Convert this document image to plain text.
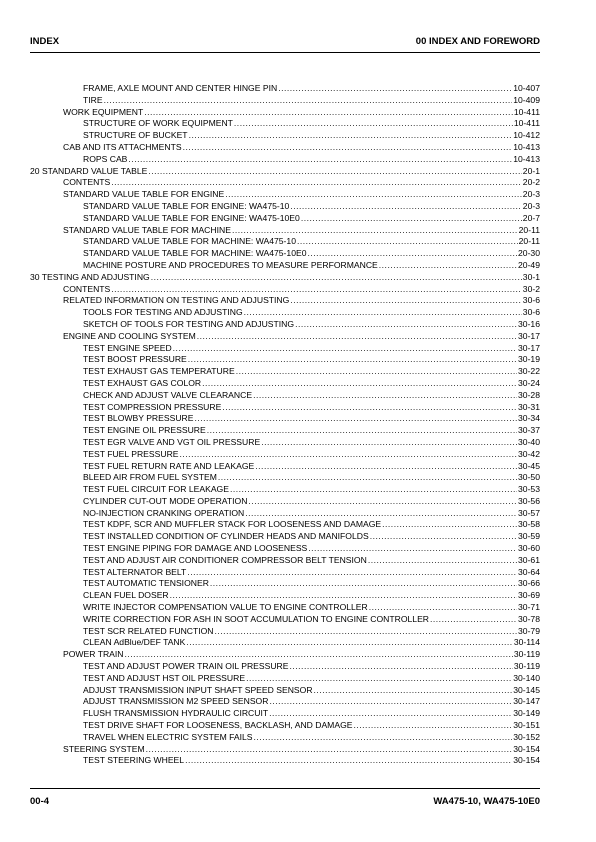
INDEX	00 INDEX AND FOREWORD
FRAME, AXLE MOUNT AND CENTER HINGE PIN .....	10-407
TIRE .....	10-409
WORK EQUIPMENT .....	10-411
STRUCTURE OF WORK EQUIPMENT .....	10-411
STRUCTURE OF BUCKET .....	10-412
CAB AND ITS ATTACHMENTS .....	10-413
ROPS CAB .....	10-413
20 STANDARD VALUE TABLE .....	20-1
CONTENTS .....	20-2
STANDARD VALUE TABLE FOR ENGINE .....	20-3
STANDARD VALUE TABLE FOR ENGINE: WA475-10 .....	20-3
STANDARD VALUE TABLE FOR ENGINE: WA475-10E0 .....	20-7
STANDARD VALUE TABLE FOR MACHINE .....	20-11
STANDARD VALUE TABLE FOR MACHINE: WA475-10 .....	20-11
STANDARD VALUE TABLE FOR MACHINE: WA475-10E0 .....	20-30
MACHINE POSTURE AND PROCEDURES TO MEASURE PERFORMANCE .....	20-49
30 TESTING AND ADJUSTING .....	30-1
CONTENTS .....	30-2
RELATED INFORMATION ON TESTING AND ADJUSTING .....	30-6
TOOLS FOR TESTING AND ADJUSTING .....	30-6
SKETCH OF TOOLS FOR TESTING AND ADJUSTING .....	30-16
ENGINE AND COOLING SYSTEM .....	30-17
TEST ENGINE SPEED .....	30-17
TEST BOOST PRESSURE .....	30-19
TEST EXHAUST GAS TEMPERATURE .....	30-22
TEST EXHAUST GAS COLOR .....	30-24
CHECK AND ADJUST VALVE CLEARANCE .....	30-28
TEST COMPRESSION PRESSURE .....	30-31
TEST BLOWBY PRESSURE .....	30-34
TEST ENGINE OIL PRESSURE .....	30-37
TEST EGR VALVE AND VGT OIL PRESSURE .....	30-40
TEST FUEL PRESSURE .....	30-42
TEST FUEL RETURN RATE AND LEAKAGE .....	30-45
BLEED AIR FROM FUEL SYSTEM .....	30-50
TEST FUEL CIRCUIT FOR LEAKAGE .....	30-53
CYLINDER CUT-OUT MODE OPERATION .....	30-56
NO-INJECTION CRANKING OPERATION .....	30-57
TEST KDPF, SCR AND MUFFLER STACK FOR LOOSENESS AND DAMAGE .....	30-58
TEST INSTALLED CONDITION OF CYLINDER HEADS AND MANIFOLDS .....	30-59
TEST ENGINE PIPING FOR DAMAGE AND LOOSENESS .....	30-60
TEST AND ADJUST AIR CONDITIONER COMPRESSOR BELT TENSION .....	30-61
TEST ALTERNATOR BELT .....	30-64
TEST AUTOMATIC TENSIONER .....	30-66
CLEAN FUEL DOSER .....	30-69
WRITE INJECTOR COMPENSATION VALUE TO ENGINE CONTROLLER .....	30-71
WRITE CORRECTION FOR ASH IN SOOT ACCUMULATION TO ENGINE CONTROLLER .....	30-78
TEST SCR RELATED FUNCTION .....	30-79
CLEAN AdBlue/DEF TANK .....	30-114
POWER TRAIN .....	30-119
TEST AND ADJUST POWER TRAIN OIL PRESSURE .....	30-119
TEST AND ADJUST HST OIL PRESSURE .....	30-140
ADJUST TRANSMISSION INPUT SHAFT SPEED SENSOR .....	30-145
ADJUST TRANSMISSION M2 SPEED SENSOR .....	30-147
FLUSH TRANSMISSION HYDRAULIC CIRCUIT .....	30-149
TEST DRIVE SHAFT FOR LOOSENESS, BACKLASH, AND DAMAGE .....	30-151
TRAVEL WHEN ELECTRIC SYSTEM FAILS .....	30-152
STEERING SYSTEM .....	30-154
TEST STEERING WHEEL .....	30-154
00-4	WA475-10, WA475-10E0
